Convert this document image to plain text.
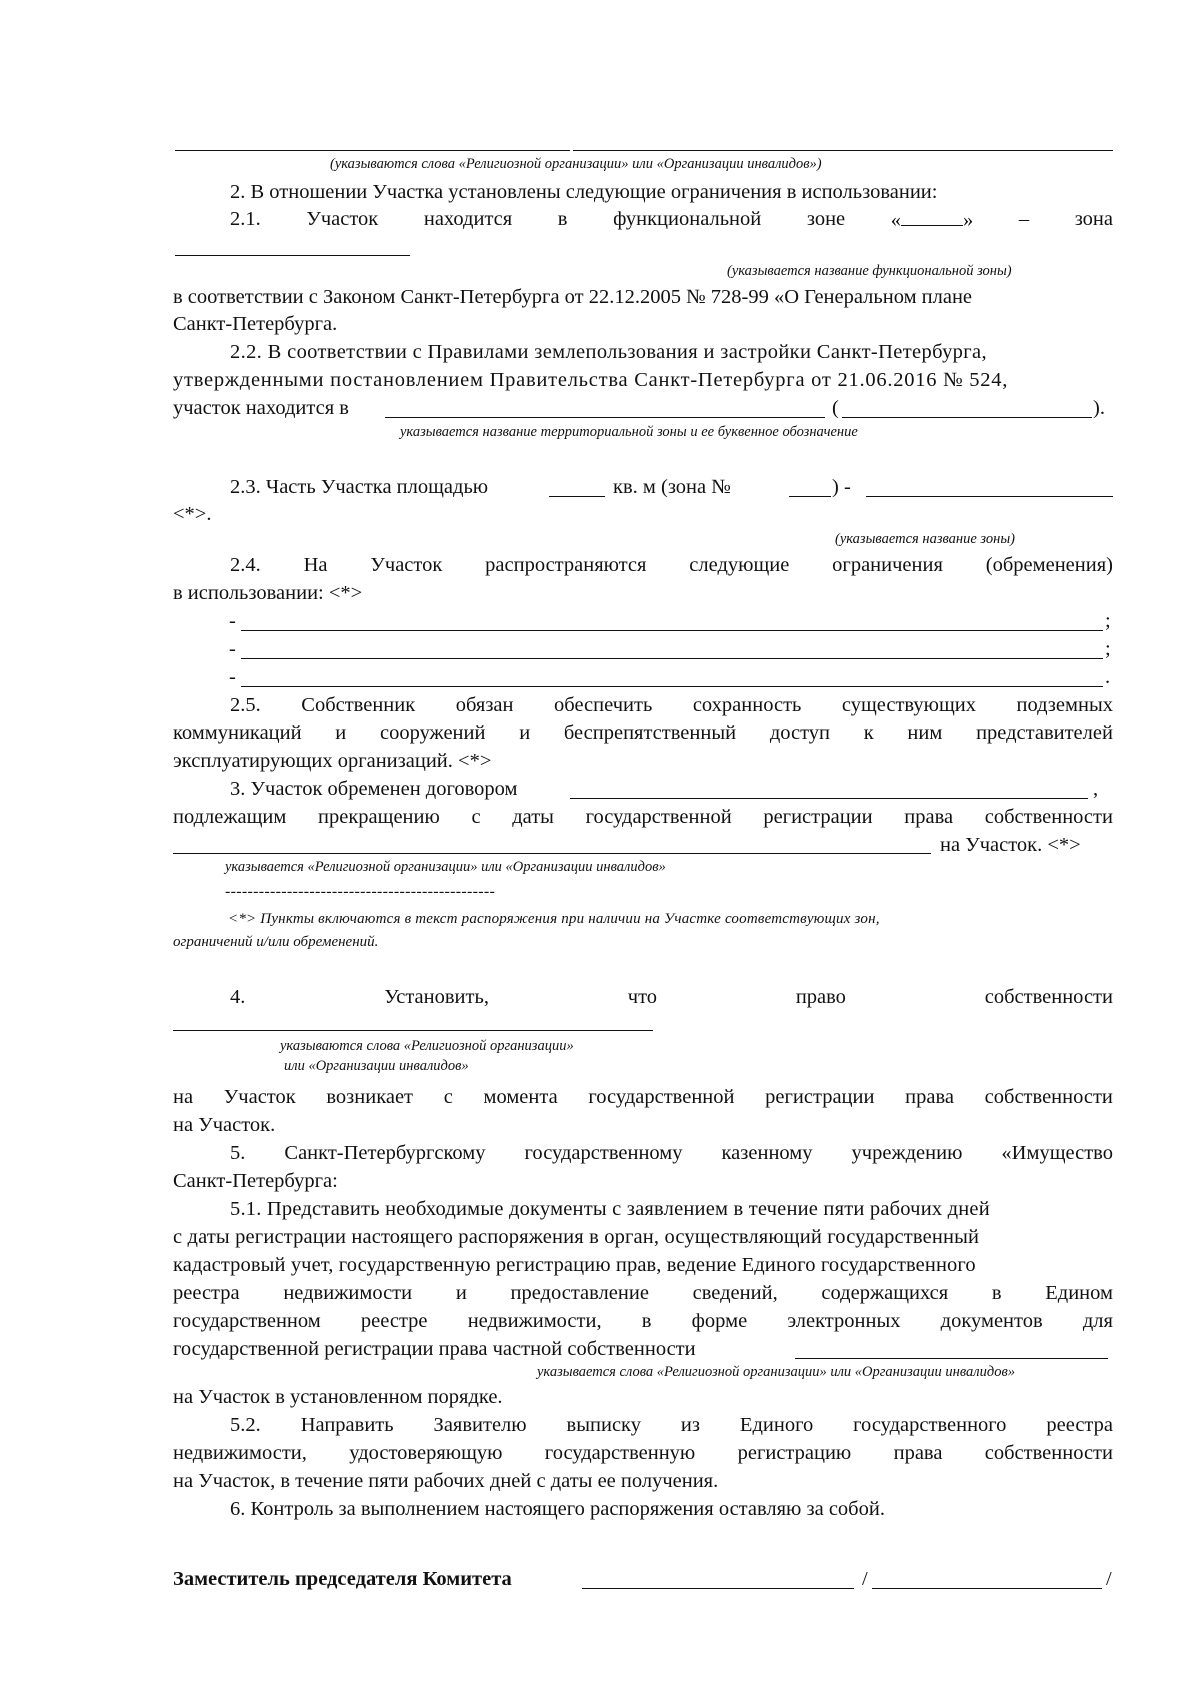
(указываются слова «Религиозной организации» или «Организации инвалидов»)
2. В отношении Участка установлены следующие ограничения в использовании:
2.1. Участок находится в функциональной зоне «	» – зона
(указывается название функциональной зоны)
в соответствии с Законом Санкт-Петербурга от 22.12.2005 № 728-99 «О Генеральном плане
Санкт-Петербурга.
2.2. В соответствии с Правилами землепользования и застройки Санкт-Петербурга,
утвержденными постановлением Правительства Санкт-Петербурга от 21.06.2016 № 524,
участок находится в	(	).
указывается название территориальной зоны и ее буквенное обозначение
2.3. Часть Участка площадью	кв. м (зона №	) -
<*>.
(указывается название зоны)
2.4. На Участок распространяются следующие ограничения (обременения)
в использовании: <*>
-	;
-	;
-	.
2.5. Собственник обязан обеспечить сохранность существующих подземных
коммуникаций и сооружений и беспрепятственный доступ к ним представителей
эксплуатирующих организаций. <*>
3. Участок обременен договором	,
подлежащим прекращению с даты государственной регистрации права собственности
на Участок. <*>
указывается «Религиозной организации» или «Организации инвалидов»
------------------------------------------------
<*> Пункты включаются в текст распоряжения при наличии на Участке соответствующих зон,
ограничений и/или обременений.
4.	Установить,	что	право	собственности
указываются слова «Религиозной организации»
или «Организации инвалидов»
на Участок возникает с момента государственной регистрации права собственности
на Участок.
5. Санкт-Петербургскому государственному казенному учреждению «Имущество
Санкт-Петербурга:
5.1. Представить необходимые документы с заявлением в течение пяти рабочих дней
с даты регистрации настоящего распоряжения в орган, осуществляющий государственный
кадастровый учет, государственную регистрацию прав, ведение Единого государственного
реестра недвижимости и предоставление сведений, содержащихся в Едином
государственном реестре недвижимости, в форме электронных документов для
государственной регистрации права частной собственности
указывается слова «Религиозной организации» или «Организации инвалидов»
на Участок в установленном порядке.
5.2. Направить Заявителю выписку из Единого государственного реестра
недвижимости, удостоверяющую государственную регистрацию права собственности
на Участок, в течение пяти рабочих дней с даты ее получения.
6. Контроль за выполнением настоящего распоряжения оставляю за собой.
Заместитель председателя Комитета	/	/
